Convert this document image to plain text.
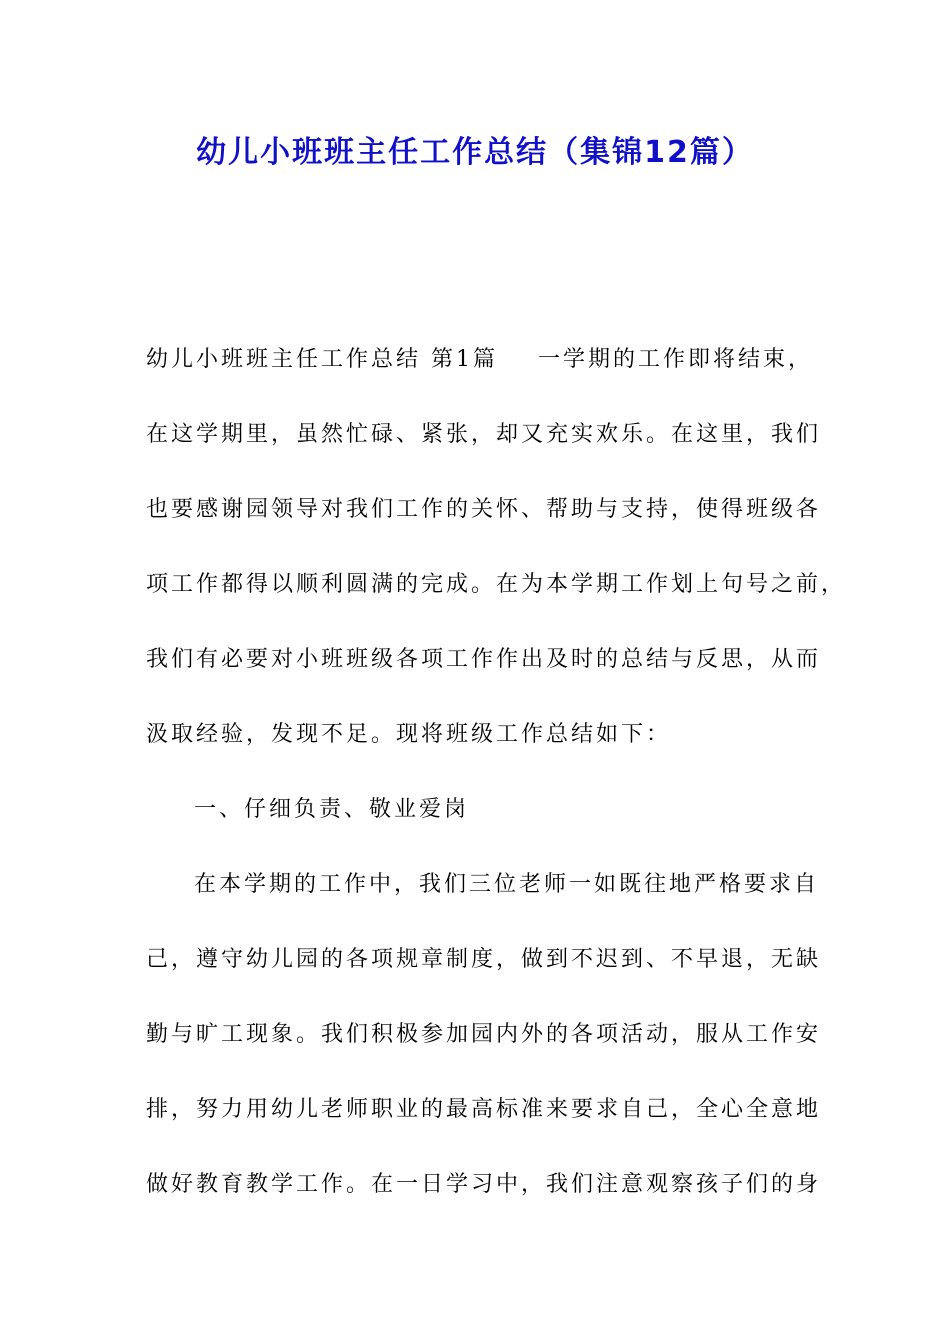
幼儿小班班主任工作总结（集锦12篇）
幼儿小班班主任工作总结 第1篇 一学期的工作即将结束，
在这学期里，虽然忙碌、紧张，却又充实欢乐。在这里，我们
也要感谢园领导对我们工作的关怀、帮助与支持，使得班级各
项工作都得以顺利圆满的完成。在为本学期工作划上句号之前，
我们有必要对小班班级各项工作作出及时的总结与反思，从而
汲取经验，发现不足。现将班级工作总结如下：
一、仔细负责、敬业爱岗
在本学期的工作中，我们三位老师一如既往地严格要求自
己，遵守幼儿园的各项规章制度，做到不迟到、不早退，无缺
勤与旷工现象。我们积极参加园内外的各项活动，服从工作安
排，努力用幼儿老师职业的最高标准来要求自己，全心全意地
做好教育教学工作。在一日学习中，我们注意观察孩子们的身
